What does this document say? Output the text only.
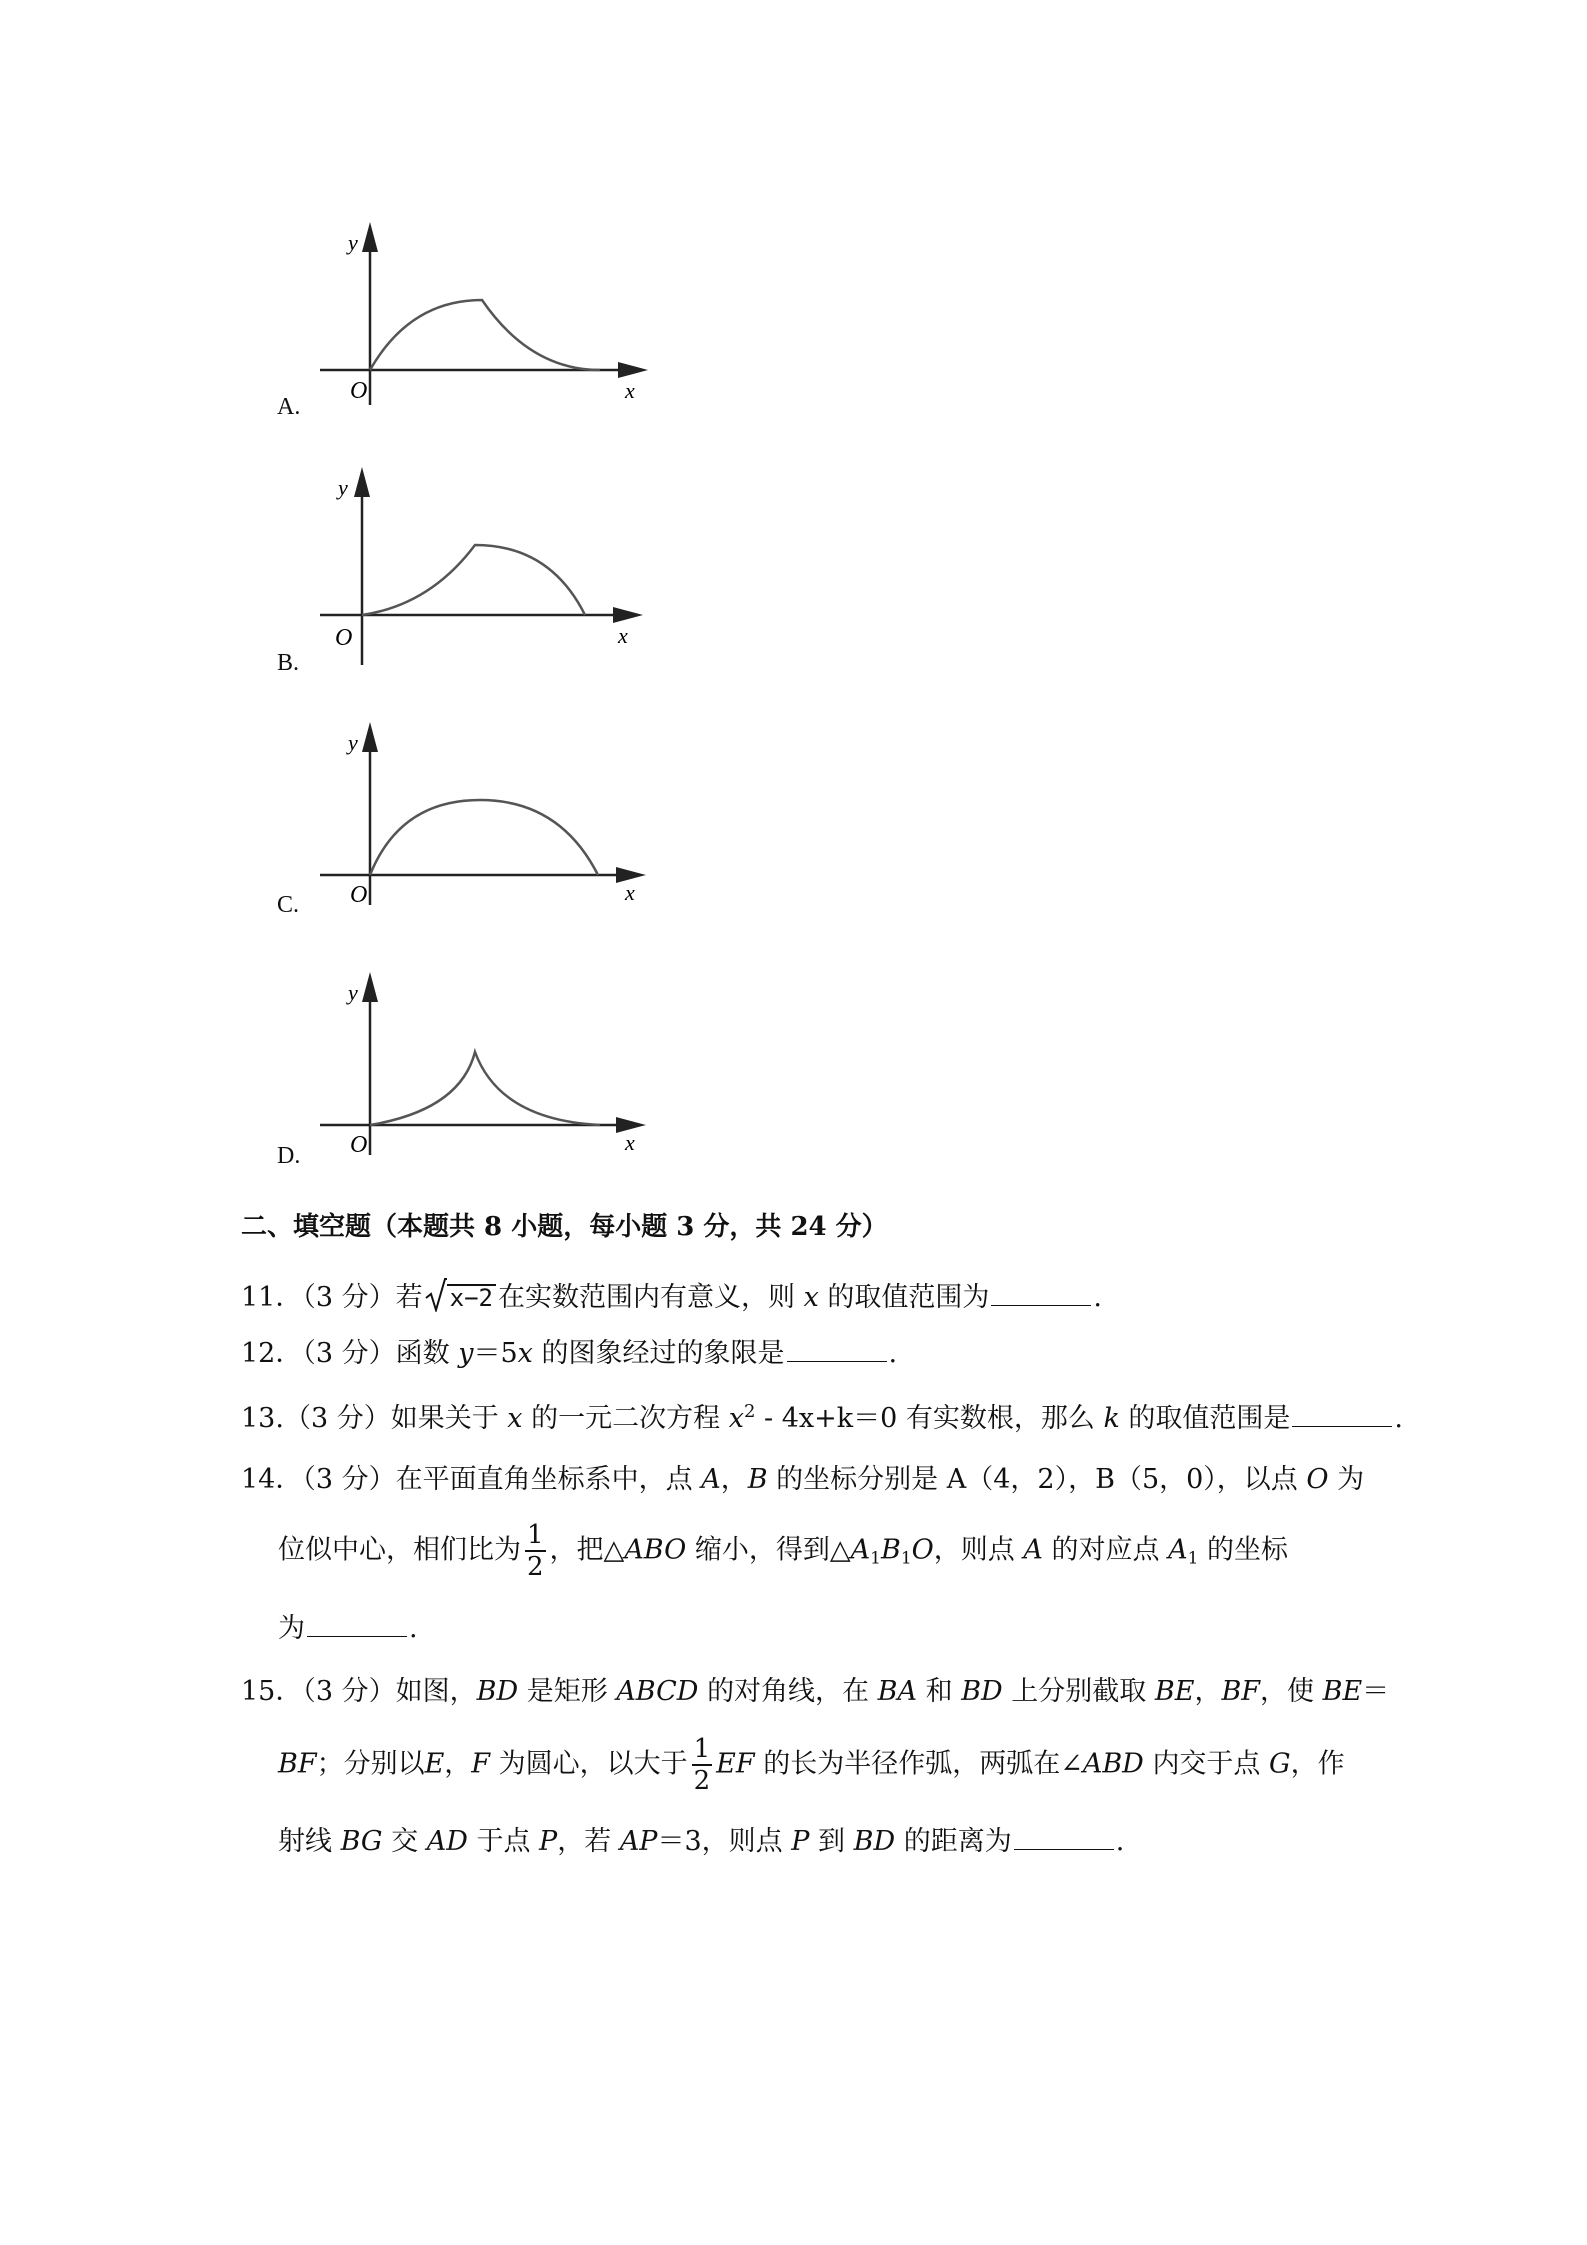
y
O	x
A.
y
O	x
B.
y
O	x
C.
y
O	x
D.
二、填空题（本题共 8 小题，每小题 3 分，共 24 分）
11．（3 分）若 x−2 在实数范围内有意义，则 x 的取值范围为	.
12．（3 分）函数 y＝5x 的图象经过的象限是	.
13.（3 分）如果关于 x 的一元二次方程 $x^2 - 4x+k=0$ 有实数根，那么 k 的取值范围是	.
14．（3 分）在平面直角坐标系中，点 A，B 的坐标分别是 A（4，2），B（5，0），以点 O 为
位似中心，相们比为 $\frac{1}{2}$ ，把△ABO 缩小，得到$\triangle A_1B_1O$，则点 A 的对应点 $A_1$ 的坐标
为	.
15．（3 分）如图，BD 是矩形 ABCD 的对角线，在 BA 和 BD 上分别截取 BE，BF，使 BE＝
BF；分别以E，F 为圆心，以大于 $\frac{1}{2}$ EF 的长为半径作弧，两弧在∠ABD 内交于点 G，作
射线 BG 交 AD 于点 P，若 AP＝3，则点 P 到 BD 的距离为	.
